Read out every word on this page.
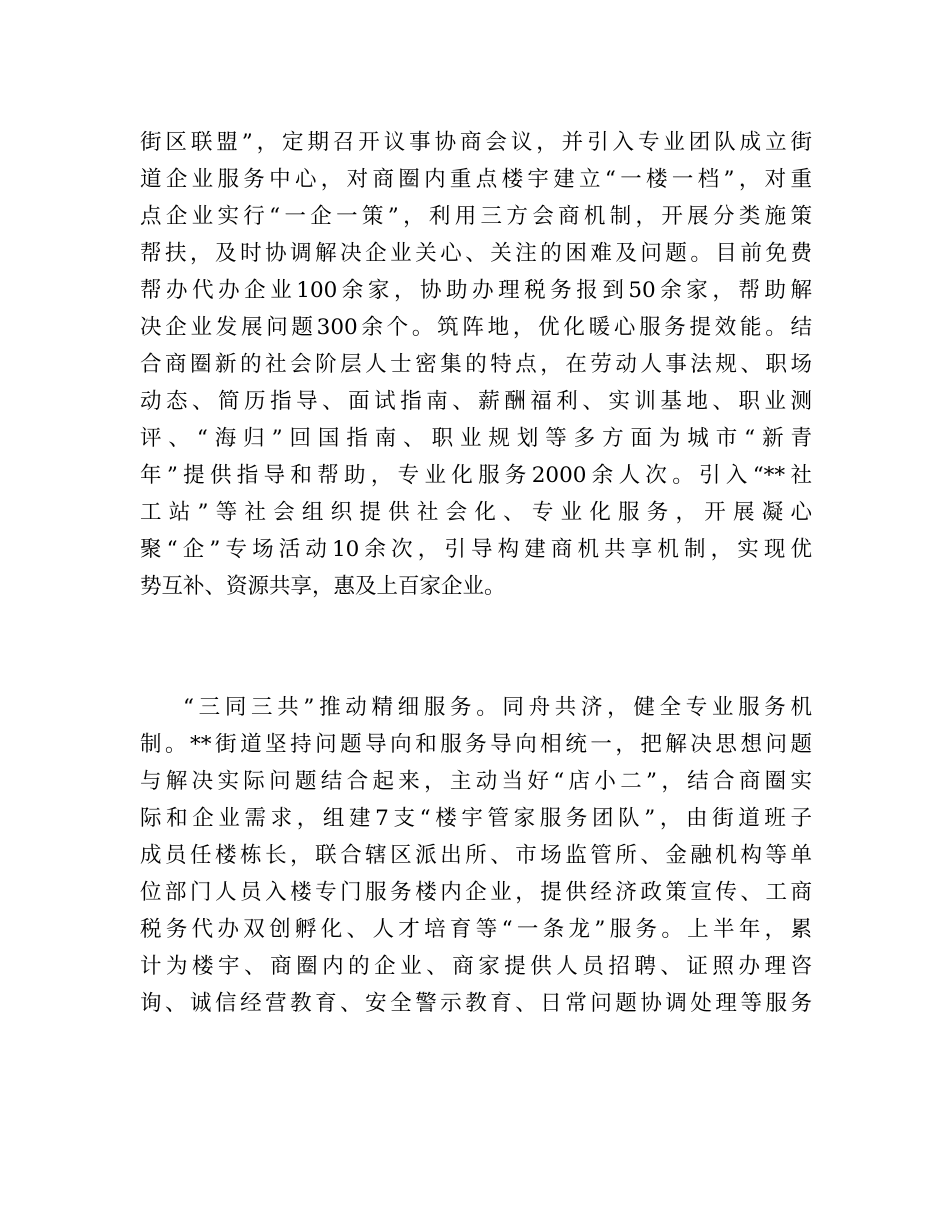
街区联盟”，定期召开议事协商会议，并引入专业团队成立街
道企业服务中心，对商圈内重点楼宇建立“一楼一档”，对重
点企业实行“一企一策”，利用三方会商机制，开展分类施策
帮扶，及时协调解决企业关心、关注的困难及问题。目前免费
帮办代办企业100余家，协助办理税务报到50余家，帮助解
决企业发展问题300余个。筑阵地，优化暖心服务提效能。结
合商圈新的社会阶层人士密集的特点，在劳动人事法规、职场
动态、简历指导、面试指南、薪酬福利、实训基地、职业测
评、“海归”回国指南、职业规划等多方面为城市“新青
年”提供指导和帮助，专业化服务2000余人次。引入“**社
工站”等社会组织提供社会化、专业化服务，开展凝心
聚“企”专场活动10余次，引导构建商机共享机制，实现优
势互补、资源共享，惠及上百家企业。
“三同三共”推动精细服务。同舟共济，健全专业服务机
制。**街道坚持问题导向和服务导向相统一，把解决思想问题
与解决实际问题结合起来，主动当好“店小二”，结合商圈实
际和企业需求，组建7支“楼宇管家服务团队”，由街道班子
成员任楼栋长，联合辖区派出所、市场监管所、金融机构等单
位部门人员入楼专门服务楼内企业，提供经济政策宣传、工商
税务代办双创孵化、人才培育等“一条龙”服务。上半年，累
计为楼宇、商圈内的企业、商家提供人员招聘、证照办理咨
询、诚信经营教育、安全警示教育、日常问题协调处理等服务
